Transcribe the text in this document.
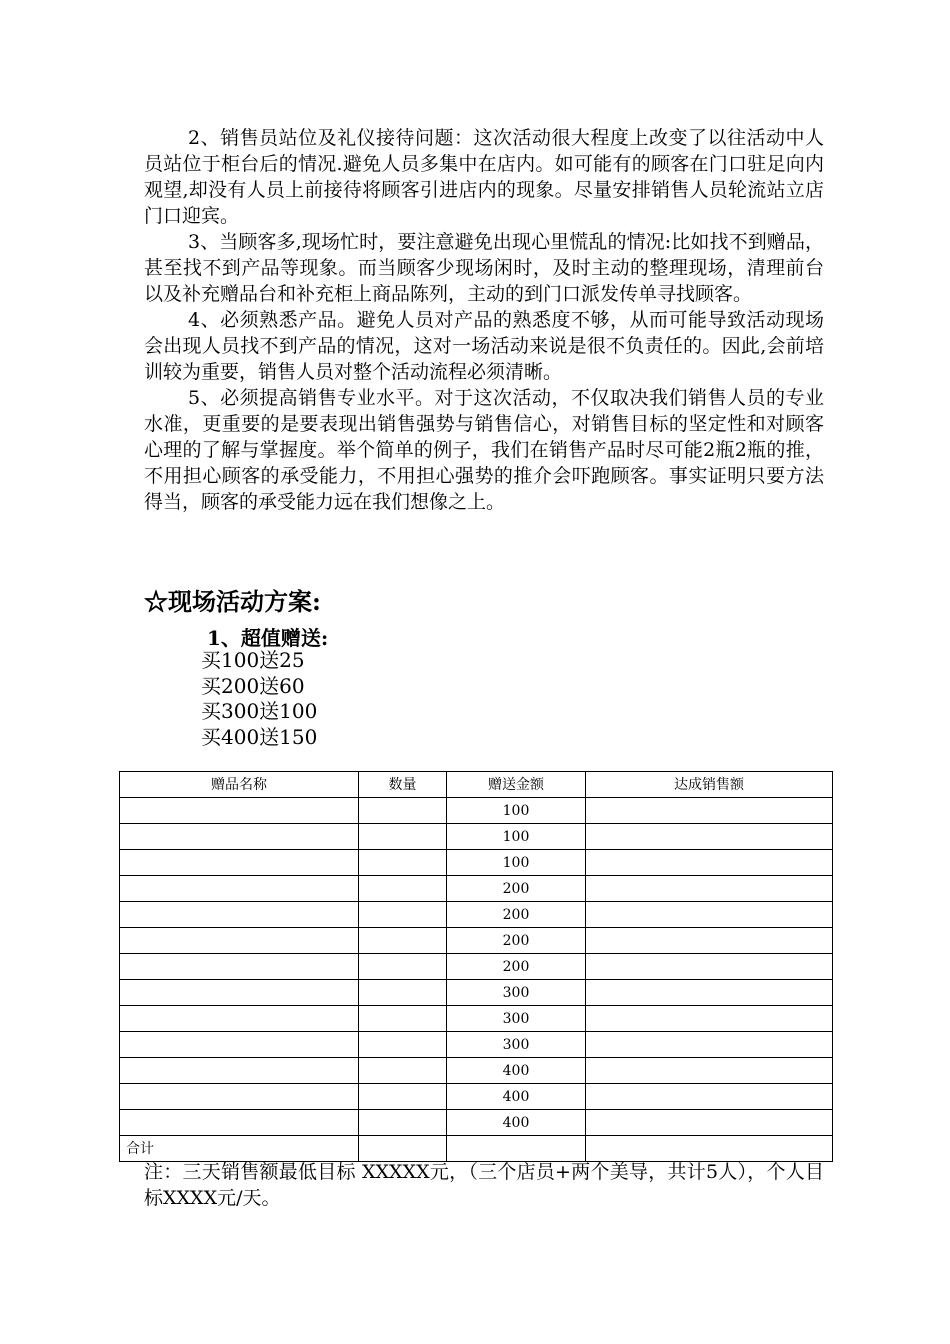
2、销售员站位及礼仪接待问题：这次活动很大程度上改变了以往活动中人员站位于柜台后的情况.避免人员多集中在店内。如可能有的顾客在门口驻足向内观望,却没有人员上前接待将顾客引进店内的现象。尽量安排销售人员轮流站立店门口迎宾。

3、当顾客多,现场忙时，要注意避免出现心里慌乱的情况:比如找不到赠品，甚至找不到产品等现象。而当顾客少现场闲时，及时主动的整理现场，清理前台以及补充赠品台和补充柜上商品陈列，主动的到门口派发传单寻找顾客。

4、必须熟悉产品。避免人员对产品的熟悉度不够，从而可能导致活动现场会出现人员找不到产品的情况，这对一场活动来说是很不负责任的。因此,会前培训较为重要，销售人员对整个活动流程必须清晰。

5、必须提高销售专业水平。对于这次活动，不仅取决我们销售人员的专业水准，更重要的是要表现出销售强势与销售信心，对销售目标的坚定性和对顾客心理的了解与掌握度。举个简单的例子，我们在销售产品时尽可能2瓶2瓶的推，不用担心顾客的承受能力，不用担心强势的推介会吓跑顾客。事实证明只要方法得当，顾客的承受能力远在我们想像之上。

☆现场活动方案:
1、超值赠送:
买100送25
买200送60
买300送100
买400送150
赠品名称	数量	赠送金额	达成销售额
		100	
		100	
		100	
		200	
		200	
		200	
		200	
		300	
		300	
		300	
		400	
		400	
		400	
合计			

注：三天销售额最低目标 XXXXX元，（三个店员+两个美导，共计5人），个人目标XXXX元/天。
